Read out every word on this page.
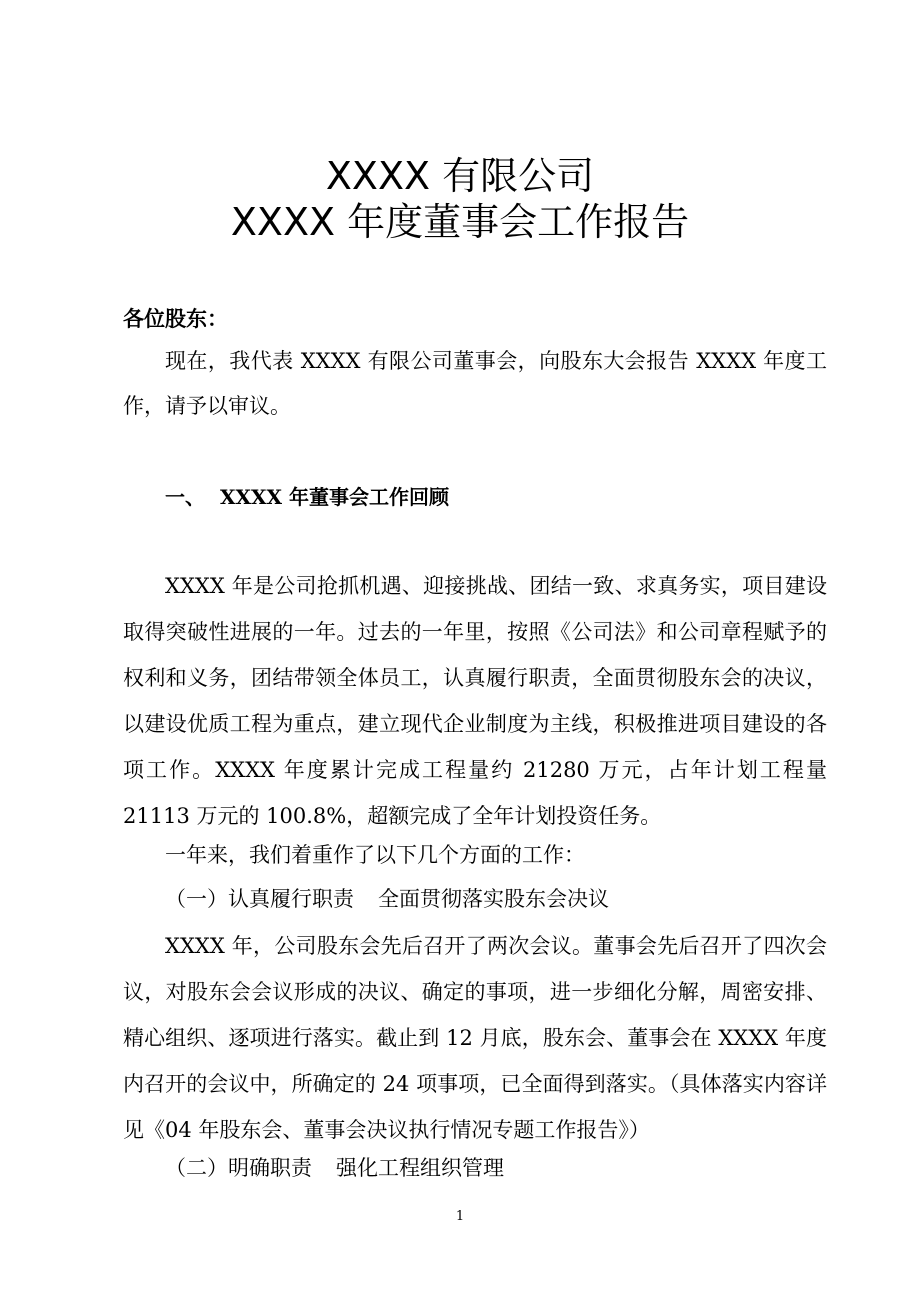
XXXX 有限公司
XXXX 年度董事会工作报告
各位股东：

现在，我代表 XXXX 有限公司董事会，向股东大会报告 XXXX 年度工作，请予以审议。

一、 XXXX 年董事会工作回顾

XXXX 年是公司抢抓机遇、迎接挑战、团结一致、求真务实，项目建设取得突破性进展的一年。过去的一年里，按照《公司法》和公司章程赋予的权利和义务，团结带领全体员工，认真履行职责，全面贯彻股东会的决议，以建设优质工程为重点，建立现代企业制度为主线，积极推进项目建设的各项工作。XXXX 年度累计完成工程量约 21280 万元，占年计划工程量 21113 万元的 100.8%，超额完成了全年计划投资任务。

一年来，我们着重作了以下几个方面的工作：
（一）认真履行职责 全面贯彻落实股东会决议

XXXX 年，公司股东会先后召开了两次会议。董事会先后召开了四次会议，对股东会会议形成的决议、确定的事项，进一步细化分解，周密安排、精心组织、逐项进行落实。截止到 12 月底，股东会、董事会在 XXXX 年度内召开的会议中，所确定的 24 项事项，已全面得到落实。（具体落实内容详见《04 年股东会、董事会决议执行情况专题工作报告》）

（二）明确职责 强化工程组织管理
1
